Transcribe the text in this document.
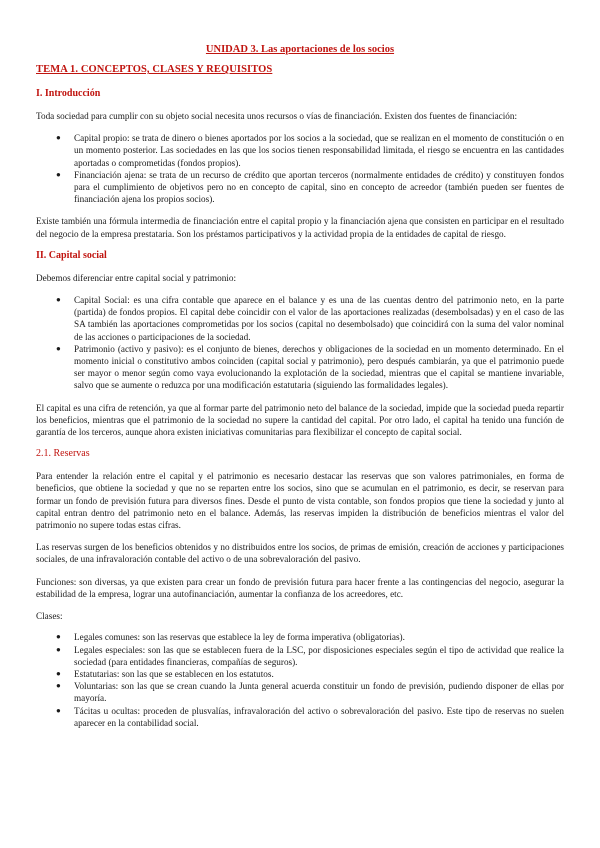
UNIDAD 3. Las aportaciones de los socios
TEMA 1. CONCEPTOS, CLASES Y REQUISITOS
I. Introducción

Toda sociedad para cumplir con su objeto social necesita unos recursos o vías de financiación. Existen dos fuentes de financiación:

● Capital propio: se trata de dinero o bienes aportados por los socios a la sociedad, que se realizan en el momento de constitución o en un momento posterior. Las sociedades en las que los socios tienen responsabilidad limitada, el riesgo se encuentra en las cantidades aportadas o comprometidas (fondos propios).
● Financiación ajena: se trata de un recurso de crédito que aportan terceros (normalmente entidades de crédito) y constituyen fondos para el cumplimiento de objetivos pero no en concepto de capital, sino en concepto de acreedor (también pueden ser fuentes de financiación ajena los propios socios).

Existe también una fórmula intermedia de financiación entre el capital propio y la financiación ajena que consisten en participar en el resultado del negocio de la empresa prestataria. Son los préstamos participativos y la actividad propia de la entidades de capital de riesgo.

II. Capital social

Debemos diferenciar entre capital social y patrimonio:

● Capital Social: es una cifra contable que aparece en el balance y es una de las cuentas dentro del patrimonio neto, en la parte (partida) de fondos propios. El capital debe coincidir con el valor de las aportaciones realizadas (desembolsadas) y en el caso de las SA también las aportaciones comprometidas por los socios (capital no desembolsado) que coincidirá con la suma del valor nominal de las acciones o participaciones de la sociedad.
● Patrimonio (activo y pasivo): es el conjunto de bienes, derechos y obligaciones de la sociedad en un momento determinado. En el momento inicial o constitutivo ambos coinciden (capital social y patrimonio), pero después cambiarán, ya que el patrimonio puede ser mayor o menor según como vaya evolucionando la explotación de la sociedad, mientras que el capital se mantiene invariable, salvo que se aumente o reduzca por una modificación estatutaria (siguiendo las formalidades legales).

El capital es una cifra de retención, ya que al formar parte del patrimonio neto del balance de la sociedad, impide que la sociedad pueda repartir los beneficios, mientras que el patrimonio de la sociedad no supere la cantidad del capital. Por otro lado, el capital ha tenido una función de garantía de los terceros, aunque ahora existen iniciativas comunitarias para flexibilizar el concepto de capital social.

2.1. Reservas

Para entender la relación entre el capital y el patrimonio es necesario destacar las reservas que son valores patrimoniales, en forma de beneficios, que obtiene la sociedad y que no se reparten entre los socios, sino que se acumulan en el patrimonio, es decir, se reservan para formar un fondo de previsión futura para diversos fines. Desde el punto de vista contable, son fondos propios que tiene la sociedad y junto al capital entran dentro del patrimonio neto en el balance. Además, las reservas impiden la distribución de beneficios mientras el valor del patrimonio no supere todas estas cifras.

Las reservas surgen de los beneficios obtenidos y no distribuidos entre los socios, de primas de emisión, creación de acciones y participaciones sociales, de una infravaloración contable del activo o de una sobrevaloración del pasivo.

Funciones: son diversas, ya que existen para crear un fondo de previsión futura para hacer frente a las contingencias del negocio, asegurar la estabilidad de la empresa, lograr una autofinanciación, aumentar la confianza de los acreedores, etc.

Clases:

● Legales comunes: son las reservas que establece la ley de forma imperativa (obligatorias).
● Legales especiales: son las que se establecen fuera de la LSC, por disposiciones especiales según el tipo de actividad que realice la sociedad (para entidades financieras, compañías de seguros).
● Estatutarias: son las que se establecen en los estatutos.
● Voluntarias: son las que se crean cuando la Junta general acuerda constituir un fondo de previsión, pudiendo disponer de ellas por mayoría.
● Tácitas u ocultas: proceden de plusvalías, infravaloración del activo o sobrevaloración del pasivo. Este tipo de reservas no suelen aparecer en la contabilidad social.
